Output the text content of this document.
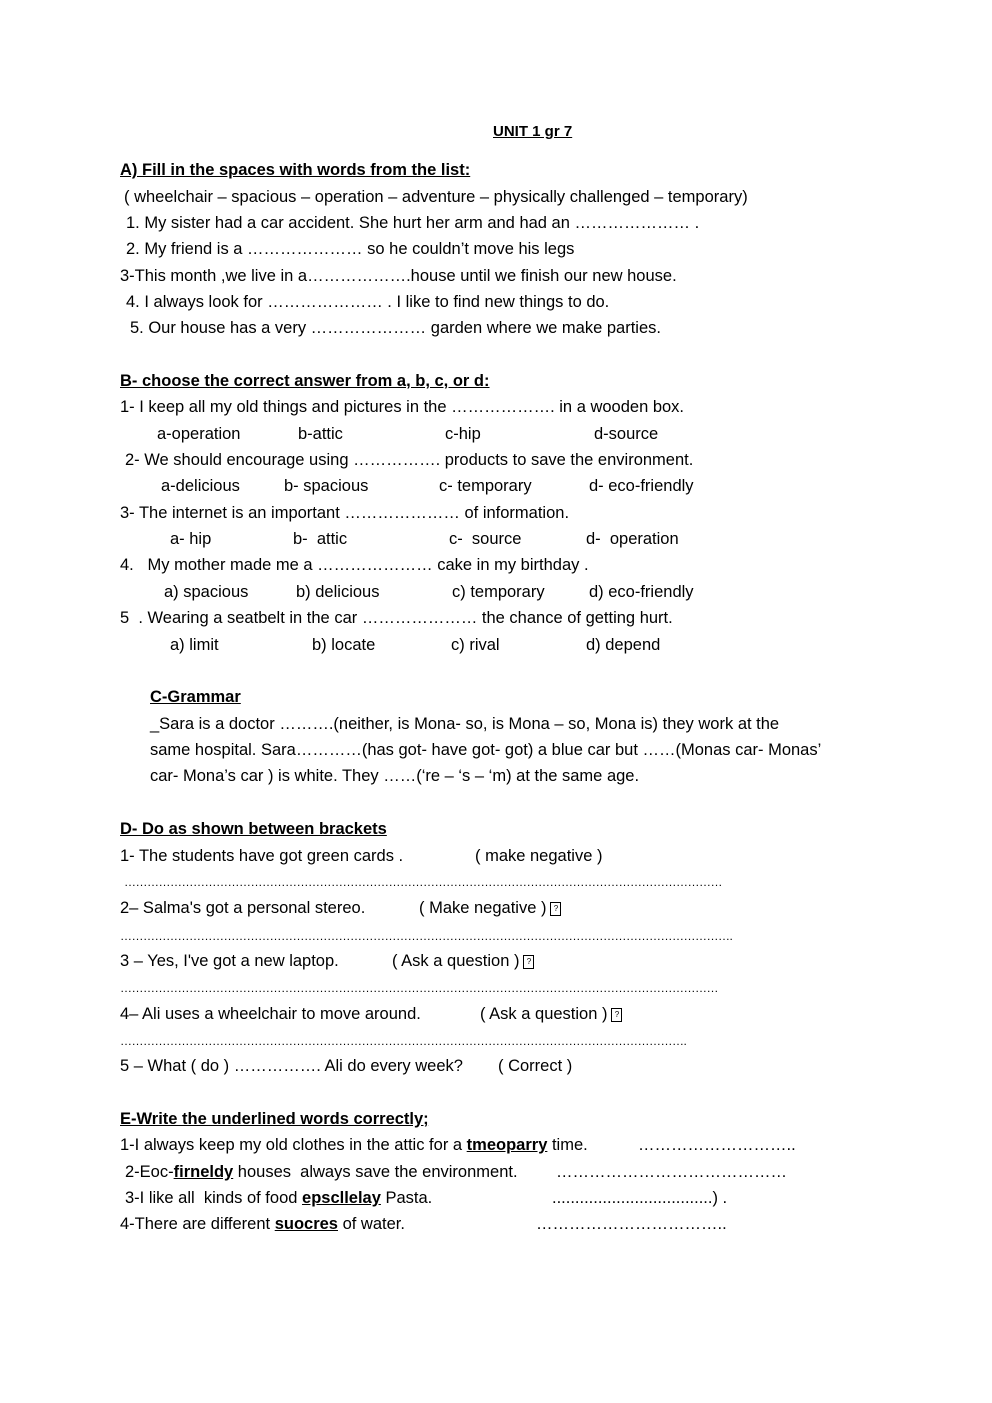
UNIT 1 gr 7
A) Fill in the spaces with words from the list:
( wheelchair – spacious – operation – adventure – physically challenged – temporary)
1. My sister had a car accident. She hurt her arm and had an ………………… .
2. My friend is a ………………… so he couldn’t move his legs
3-This month ,we live in a……………….house until we finish our new house.
4. I always look for ………………… . I like to find new things to do.
5. Our house has a very ………………… garden where we make parties.
B- choose the correct answer from a, b, c, or d:
1- I keep all my old things and pictures in the ………………. in a wooden box.
a-operation	b-attic	c-hip	d-source
2- We should encourage using ……………. products to save the environment.
a-delicious	b- spacious	c- temporary	d- eco-friendly
3- The internet is an important ………………… of information.
a- hip	b-  attic	c-  source	d-  operation
4.   My mother made me a ………………… cake in my birthday .
a) spacious	b) delicious	c) temporary	d) eco-friendly
5  . Wearing a seatbelt in the car ………………… the chance of getting hurt.
a) limit	b) locate	c) rival	d) depend
C-Grammar
_Sara is a doctor ……….(neither, is Mona- so, is Mona – so, Mona is) they work at the
same hospital. Sara…………(has got- have got- got) a blue car but ……(Monas car- Monas’
car- Mona’s car ) is white. They ……(‘re – ‘s – ‘m) at the same age.
D- Do as shown between brackets
1- The students have got green cards .	( make negative )
…………………………………………………………………………………………………………………………………………
2– Salma's got a personal stereo.	( Make negative ) ?
…………………………………………………………………………………………………………………………………………….
3 – Yes, I've got a new laptop.	( Ask a question ) ?
…………………………………………………………………………………………………………………………………………
4– Ali uses a wheelchair to move around.	( Ask a question ) ?
………………………………………………………………………………………………………………………………….
5 – What ( do ) ……………. Ali do every week? ( Correct )
E-Write the underlined words correctly;
1-I always keep my old clothes in the attic for a tmeoparry time.	………………………..
2-Eoc-firneldy houses  always save the environment. ……………………………………
3-I like all  kinds of food epscllelay Pasta.	...................................) .
4-There are different suocres of water.	……………………………..
